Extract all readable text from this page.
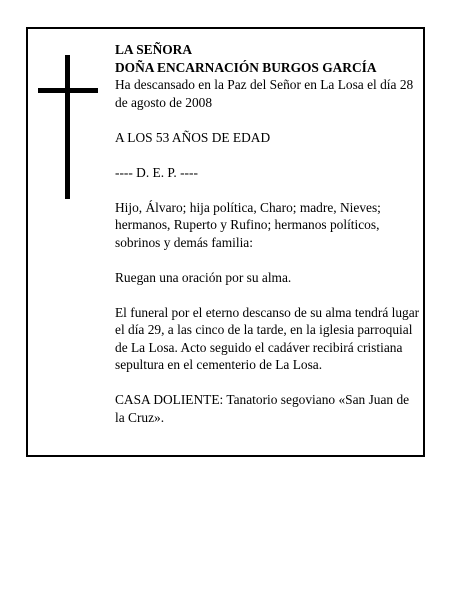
LA SEÑORA
DOÑA ENCARNACIÓN BURGOS GARCÍA
Ha descansado en la Paz del Señor en La Losa el día 28 de agosto de 2008

A LOS 53 AÑOS DE EDAD

---- D. E. P. ----

Hijo, Álvaro; hija política, Charo; madre, Nieves; hermanos, Ruperto y Rufino; hermanos políticos, sobrinos y demás familia:

Ruegan una oración por su alma.

El funeral por el eterno descanso de su alma tendrá lugar el día 29, a las cinco de la tarde, en la iglesia parroquial de La Losa. Acto seguido el cadáver recibirá cristiana sepultura en el cementerio de La Losa.

CASA DOLIENTE: Tanatorio segoviano «San Juan de la Cruz».
